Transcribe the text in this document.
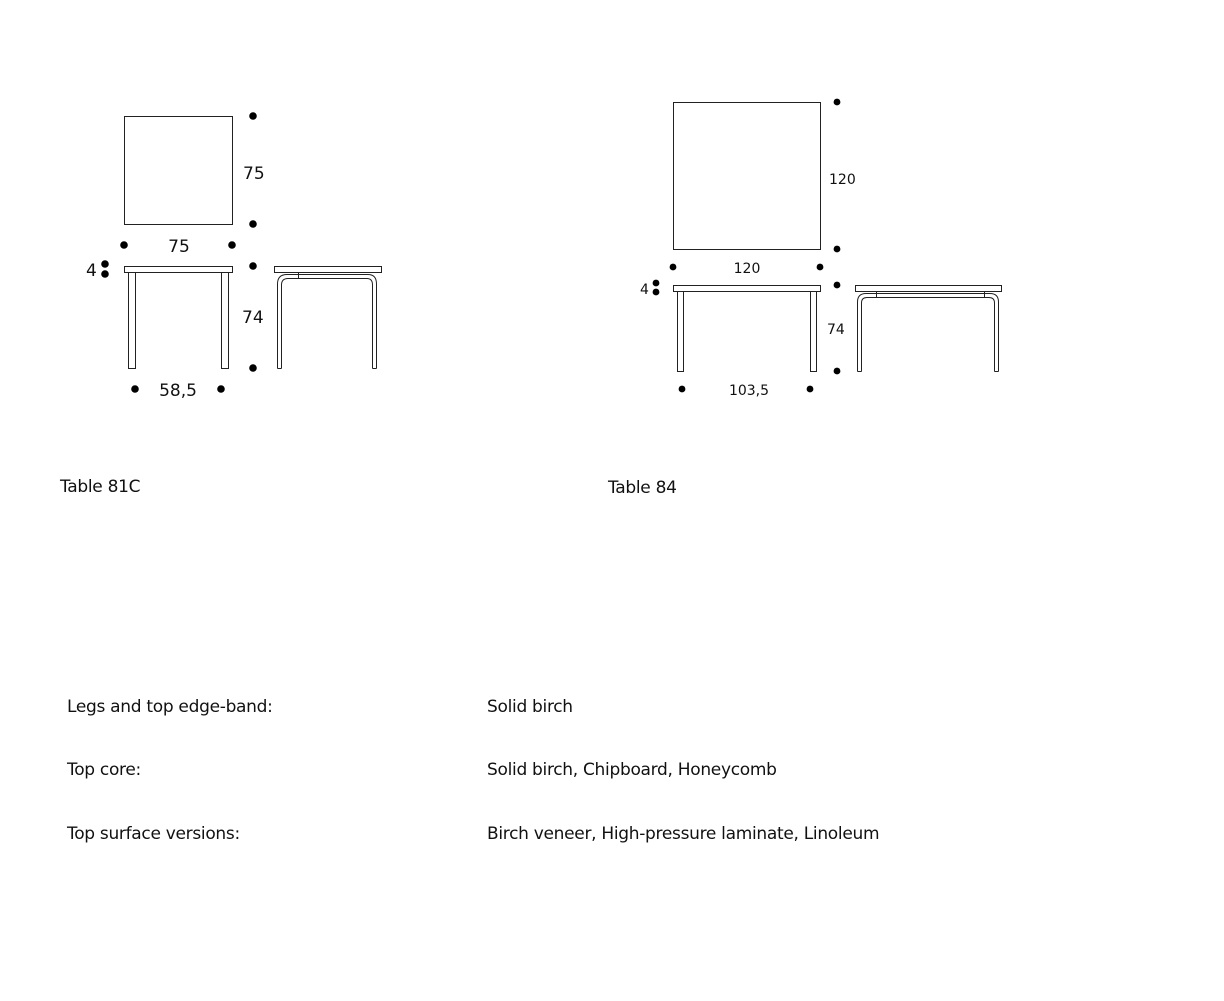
75
75
4
74
58,5
120
120
4
74
103,5
Table 81C	Table 84
Legs and top edge-band:	Solid birch
Top core:	Solid birch, Chipboard, Honeycomb
Top surface versions:	Birch veneer, High-pressure laminate, Linoleum
